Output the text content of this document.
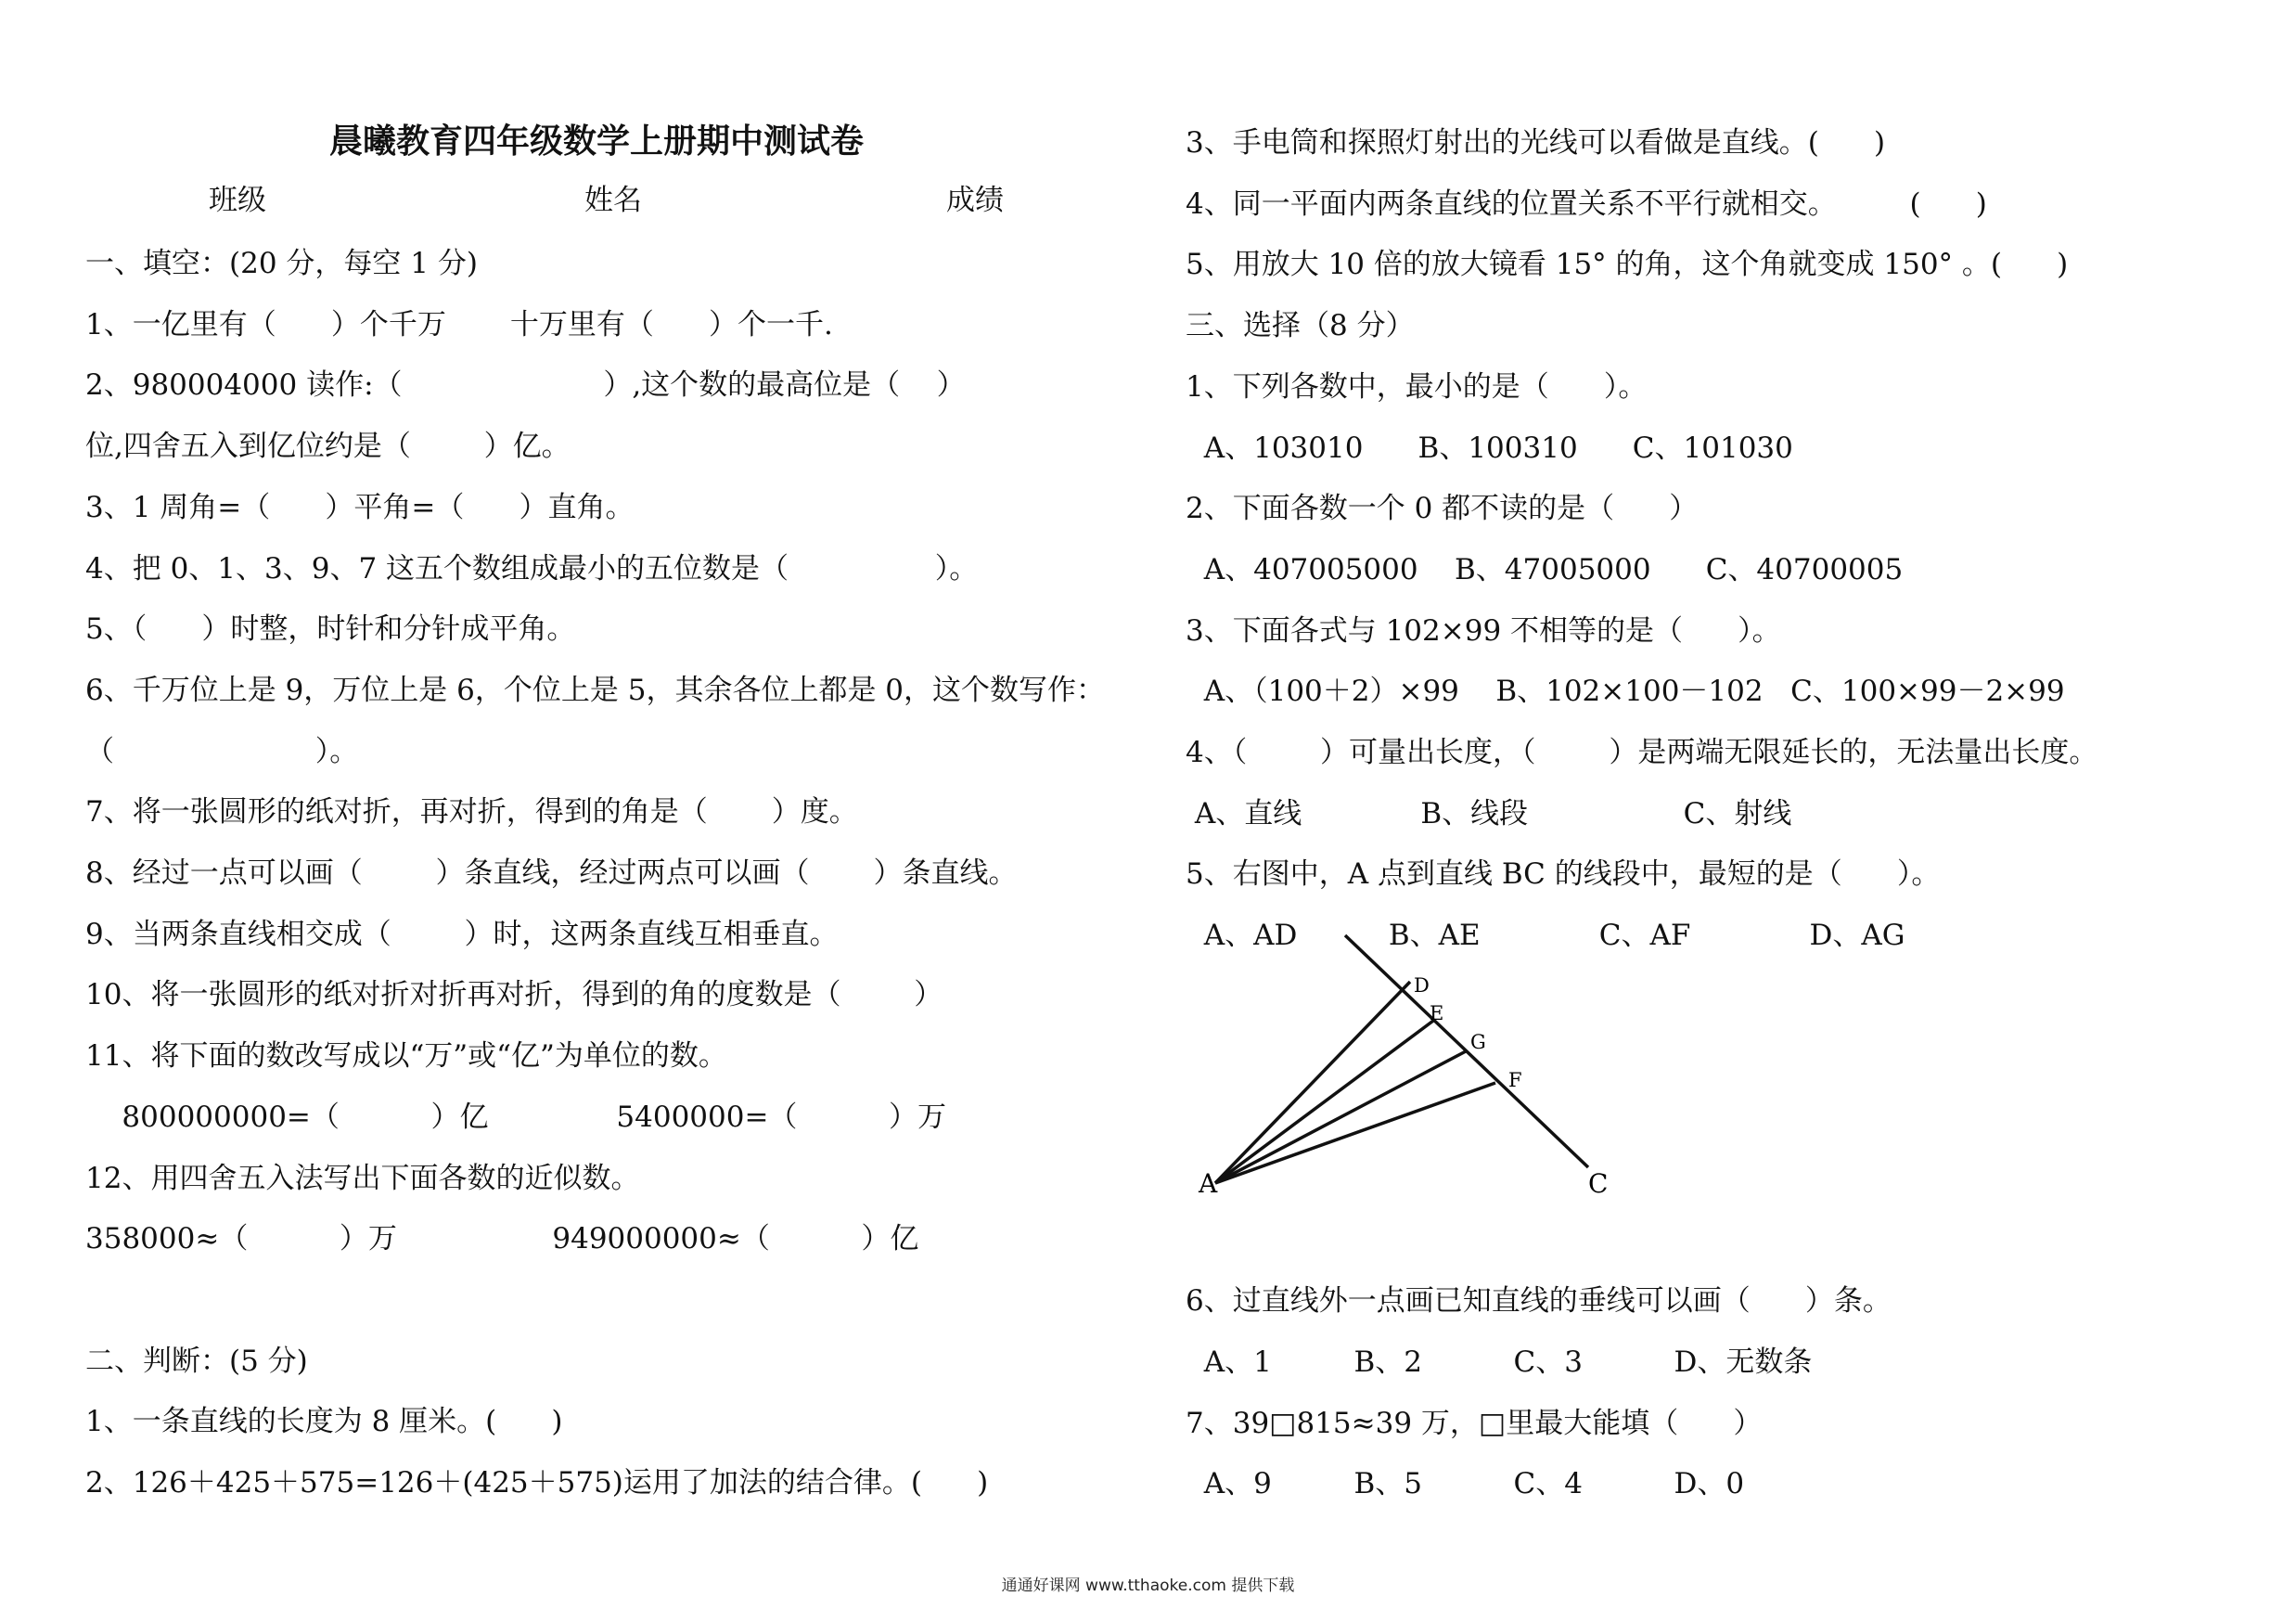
晨曦教育四年级数学上册期中测试卷
班级	姓名	成绩
一、填空：(20 分，每空 1 分)
1、一亿里有（      ）个千万       十万里有（      ）个一千.
2、980004000 读作:（                      ）,这个数的最高位是（    ）
位,四舍五入到亿位约是（        ）亿。
3、1 周角=（      ）平角=（      ）直角。
4、把 0、1、3、9、7 这五个数组成最小的五位数是（                ）。
5、（      ）时整，时针和分针成平角。
6、千万位上是 9，万位上是 6，个位上是 5，其余各位上都是 0，这个数写作：
（                      ）。
7、将一张圆形的纸对折，再对折，得到的角是（       ）度。
8、经过一点可以画（        ）条直线，经过两点可以画（       ）条直线。
9、当两条直线相交成（        ）时，这两条直线互相垂直。
10、将一张圆形的纸对折对折再对折，得到的角的度数是（        ）
11、将下面的数改写成以“万”或“亿”为单位的数。
800000000=（          ）亿              5400000=（          ）万
12、用四舍五入法写出下面各数的近似数。
358000≈（          ）万                 949000000≈（          ）亿
二、判断：(5 分)
1、一条直线的长度为 8 厘米。(      )
2、126＋425＋575=126＋(425＋575)运用了加法的结合律。(      )
3、手电筒和探照灯射出的光线可以看做是直线。(      )
4、同一平面内两条直线的位置关系不平行就相交。        (      )
5、用放大 10 倍的放大镜看 15° 的角，这个角就变成 150° 。(      )
三、选择（8 分）
1、下列各数中，最小的是（      ）。
A、103010      B、100310      C、101030
2、下面各数一个 0 都不读的是（      ）
A、407005000    B、47005000      C、40700005
3、下面各式与 102×99 不相等的是（      ）。
A、（100＋2）×99    B、102×100－102   C、100×99－2×99
4、（        ）可量出长度，（        ）是两端无限延长的，无法量出长度。
A、直线             B、线段                 C、射线
5、右图中，A 点到直线 BC 的线段中，最短的是（      ）。
A、AD          B、AE             C、AF             D、AG
6、过直线外一点画已知直线的垂线可以画（      ）条。
A、1         B、2          C、3          D、无数条
7、39□815≈39 万，□里最大能填（      ）
A、9         B、5          C、4          D、0
A	C
D
E
G
F
通通好课网 www.tthaoke.com 提供下载
